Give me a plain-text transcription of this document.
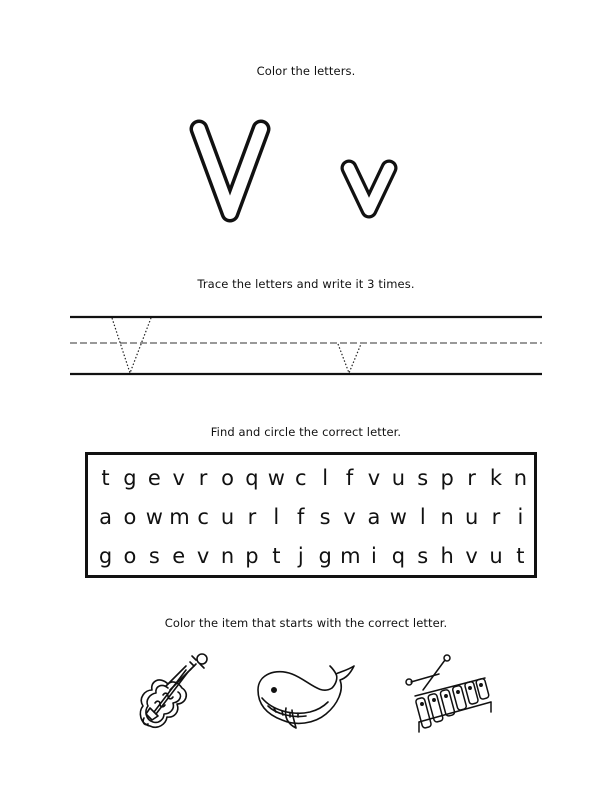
Color the letters.
Trace the letters and write it 3 times.
Find and circle the correct letter.
t g e v r o q w c l f v u s p r k n
a o w m c u r l f s v a w l n u r i
g o s e v n p t j g m i q s h v u t
Color the item that starts with the correct letter.
